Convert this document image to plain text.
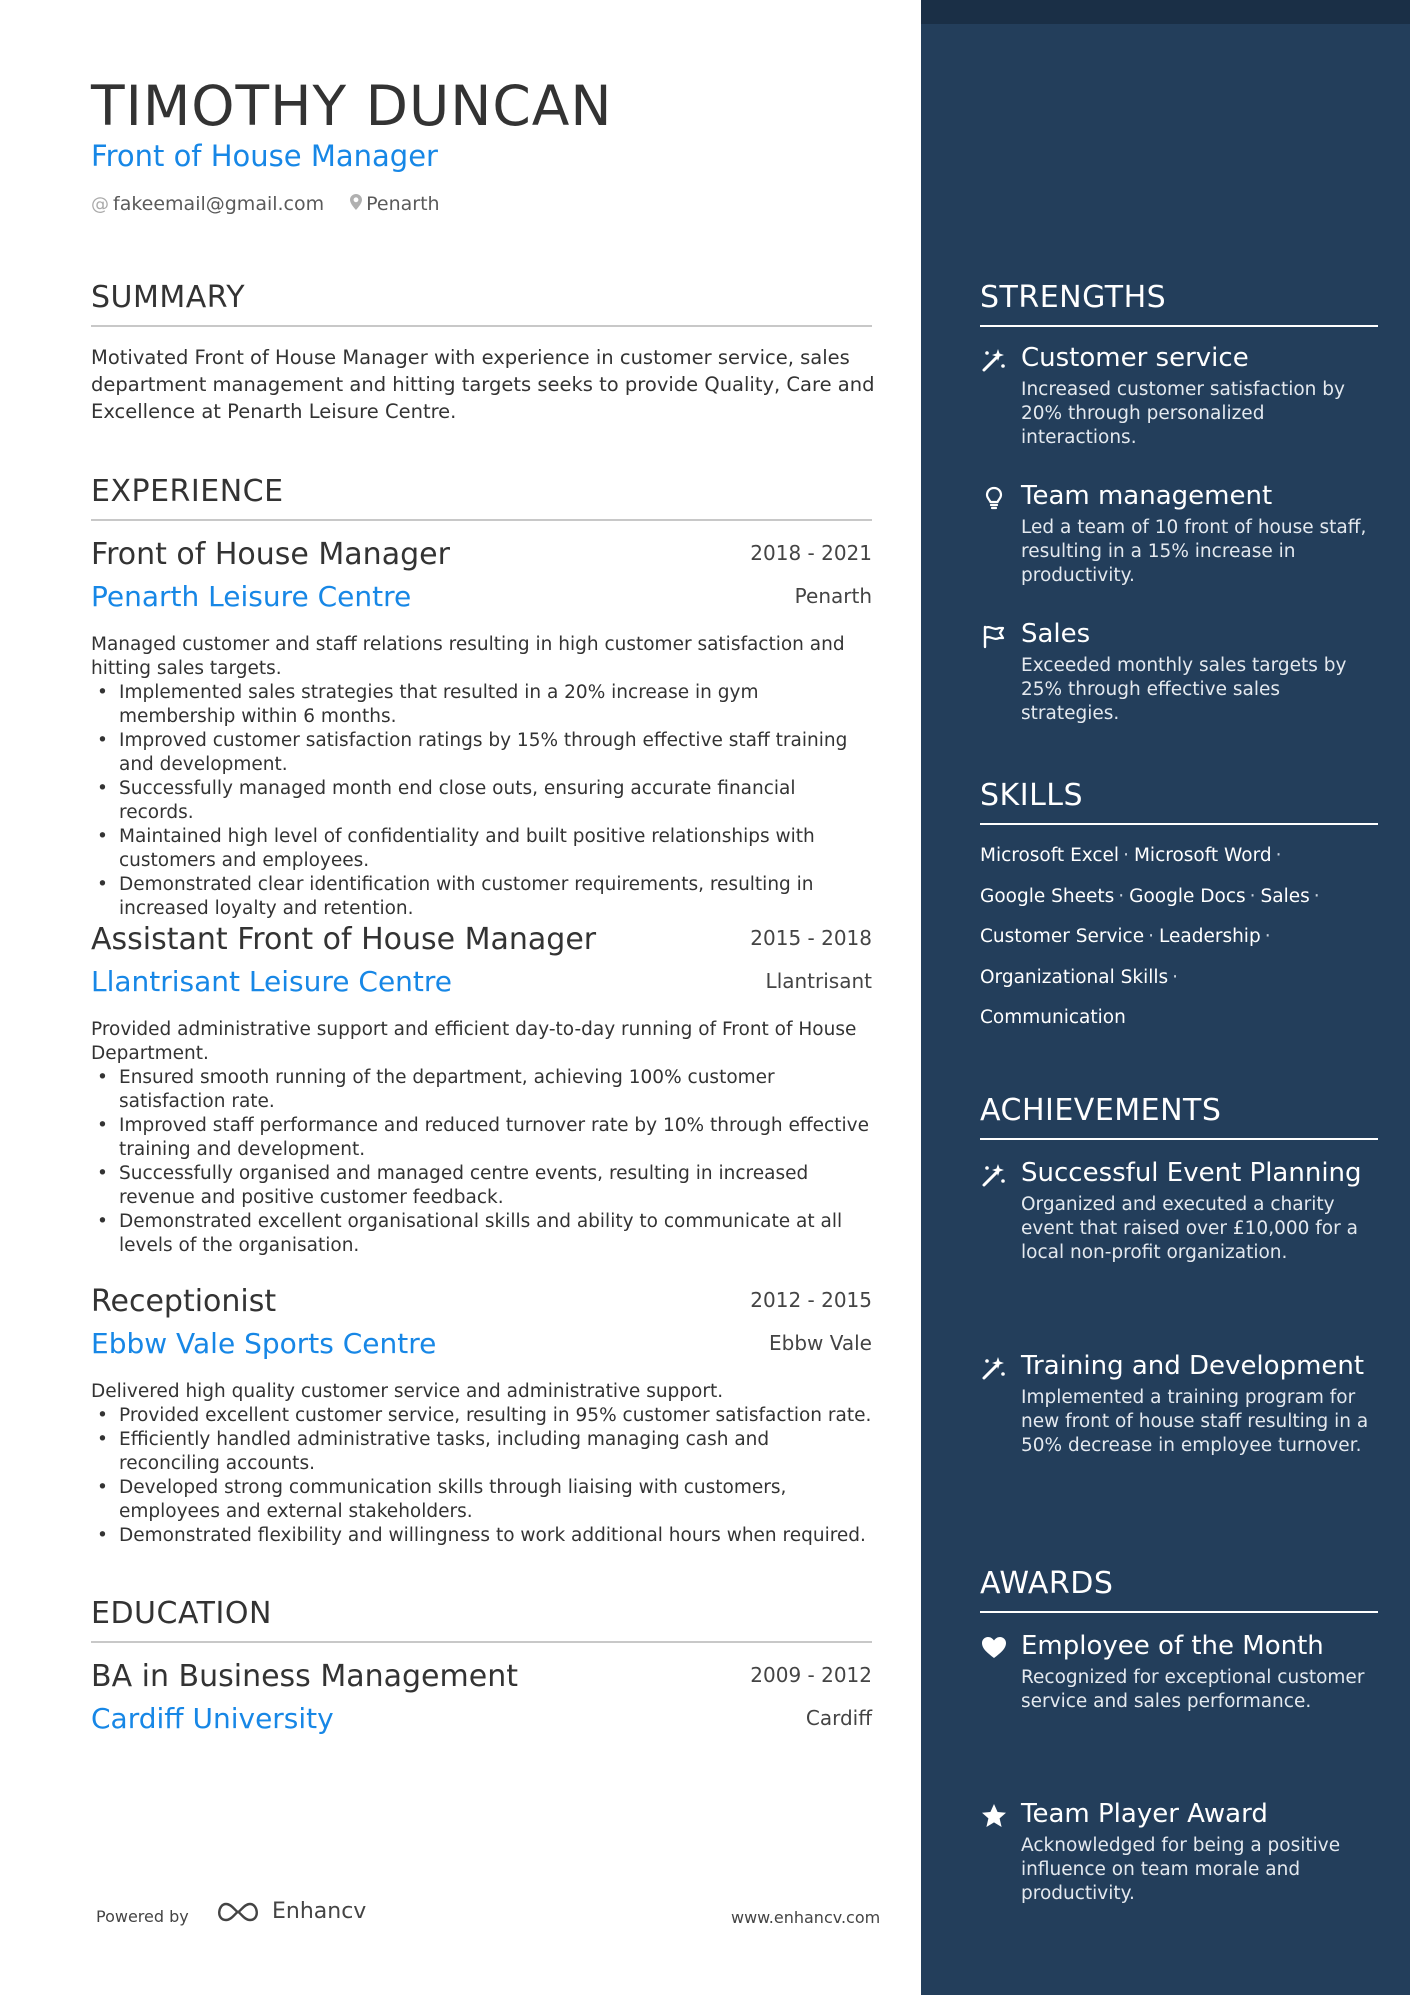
TIMOTHY DUNCAN
Front of House Manager
@ fakeemail@gmail.com Penarth
SUMMARY
Motivated Front of House Manager with experience in customer service, sales department management and hitting targets seeks to provide Quality, Care and Excellence at Penarth Leisure Centre.
EXPERIENCE
Front of House Manager	2018 - 2021
Penarth Leisure Centre	Penarth
Managed customer and staff relations resulting in high customer satisfaction and hitting sales targets.
• Implemented sales strategies that resulted in a 20% increase in gym membership within 6 months.
• Improved customer satisfaction ratings by 15% through effective staff training and development.
• Successfully managed month end close outs, ensuring accurate financial records.
• Maintained high level of confidentiality and built positive relationships with customers and employees.
• Demonstrated clear identification with customer requirements, resulting in increased loyalty and retention.
Assistant Front of House Manager	2015 - 2018
Llantrisant Leisure Centre	Llantrisant
Provided administrative support and efficient day-to-day running of Front of House Department.
• Ensured smooth running of the department, achieving 100% customer satisfaction rate.
• Improved staff performance and reduced turnover rate by 10% through effective training and development.
• Successfully organised and managed centre events, resulting in increased revenue and positive customer feedback.
• Demonstrated excellent organisational skills and ability to communicate at all levels of the organisation.
Receptionist	2012 - 2015
Ebbw Vale Sports Centre	Ebbw Vale
Delivered high quality customer service and administrative support.
• Provided excellent customer service, resulting in 95% customer satisfaction rate.
• Efficiently handled administrative tasks, including managing cash and reconciling accounts.
• Developed strong communication skills through liaising with customers, employees and external stakeholders.
• Demonstrated flexibility and willingness to work additional hours when required.
EDUCATION
BA in Business Management	2009 - 2012
Cardiff University	Cardiff
Powered by	Enhancv	www.enhancv.com
STRENGTHS
Customer service
Increased customer satisfaction by 20% through personalized interactions.
Team management
Led a team of 10 front of house staff, resulting in a 15% increase in productivity.
Sales
Exceeded monthly sales targets by 25% through effective sales strategies.
SKILLS
Microsoft Excel · Microsoft Word ·
Google Sheets · Google Docs · Sales ·
Customer Service · Leadership ·
Organizational Skills ·
Communication
ACHIEVEMENTS
Successful Event Planning
Organized and executed a charity event that raised over £10,000 for a local non-profit organization.
Training and Development
Implemented a training program for new front of house staff resulting in a 50% decrease in employee turnover.
AWARDS
Employee of the Month
Recognized for exceptional customer service and sales performance.
Team Player Award
Acknowledged for being a positive influence on team morale and productivity.
